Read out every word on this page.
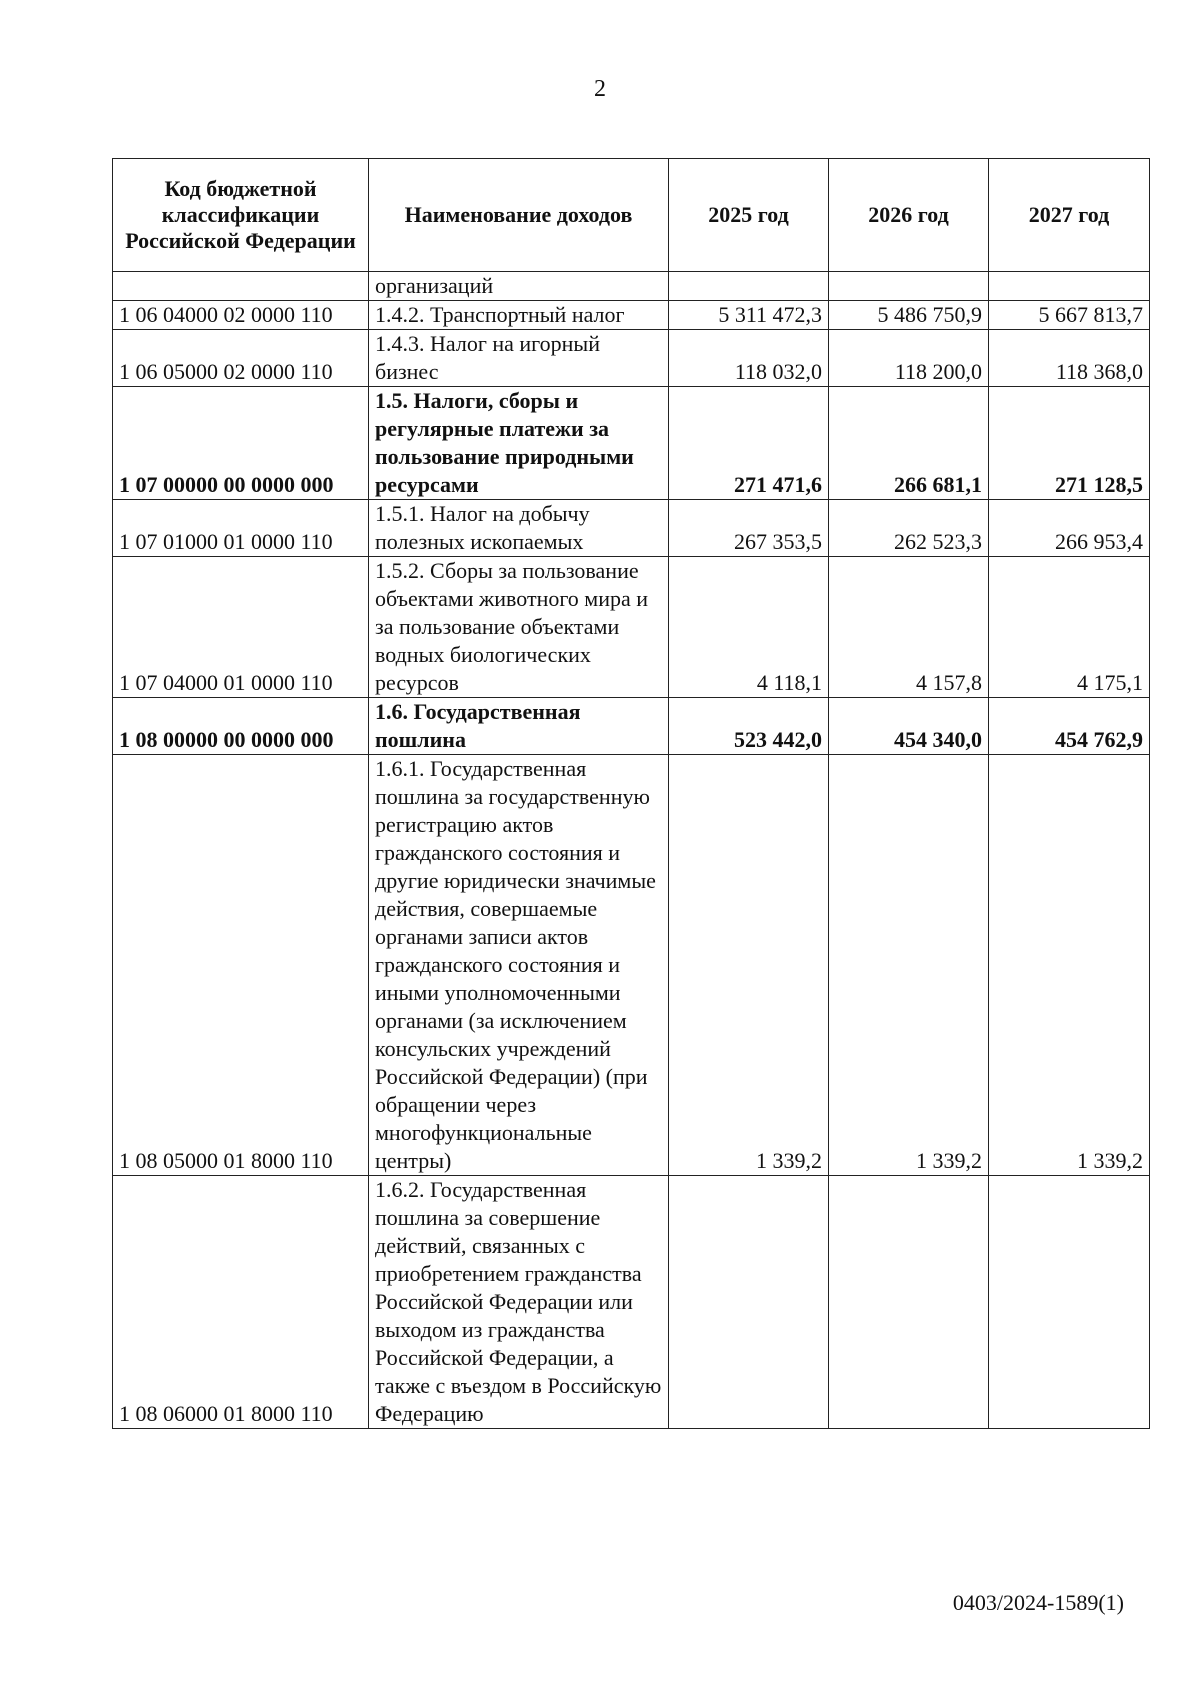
2
Код бюджетной классификации Российской Федерации	Наименование доходов	2025 год	2026 год	2027 год
	организаций			
1 06 04000 02 0000 110	1.4.2. Транспортный налог	5 311 472,3	5 486 750,9	5 667 813,7
1 06 05000 02 0000 110	1.4.3. Налог на игорный бизнес	118 032,0	118 200,0	118 368,0
1 07 00000 00 0000 000	1.5. Налоги, сборы и регулярные платежи за пользование природными ресурсами	271 471,6	266 681,1	271 128,5
1 07 01000 01 0000 110	1.5.1. Налог на добычу полезных ископаемых	267 353,5	262 523,3	266 953,4
1 07 04000 01 0000 110	1.5.2. Сборы за пользование объектами животного мира и за пользование объектами водных биологических ресурсов	4 118,1	4 157,8	4 175,1
1 08 00000 00 0000 000	1.6. Государственная пошлина	523 442,0	454 340,0	454 762,9
1 08 05000 01 8000 110	1.6.1. Государственная пошлина за государственную регистрацию актов гражданского состояния и другие юридически значимые действия, совершаемые органами записи актов гражданского состояния и иными уполномоченными органами (за исключением консульских учреждений Российской Федерации) (при обращении через многофункциональные центры)	1 339,2	1 339,2	1 339,2
1 08 06000 01 8000 110	1.6.2. Государственная пошлина за совершение действий, связанных с приобретением гражданства Российской Федерации или выходом из гражданства Российской Федерации, а также с въездом в Российскую Федерацию			
0403/2024-1589(1)
